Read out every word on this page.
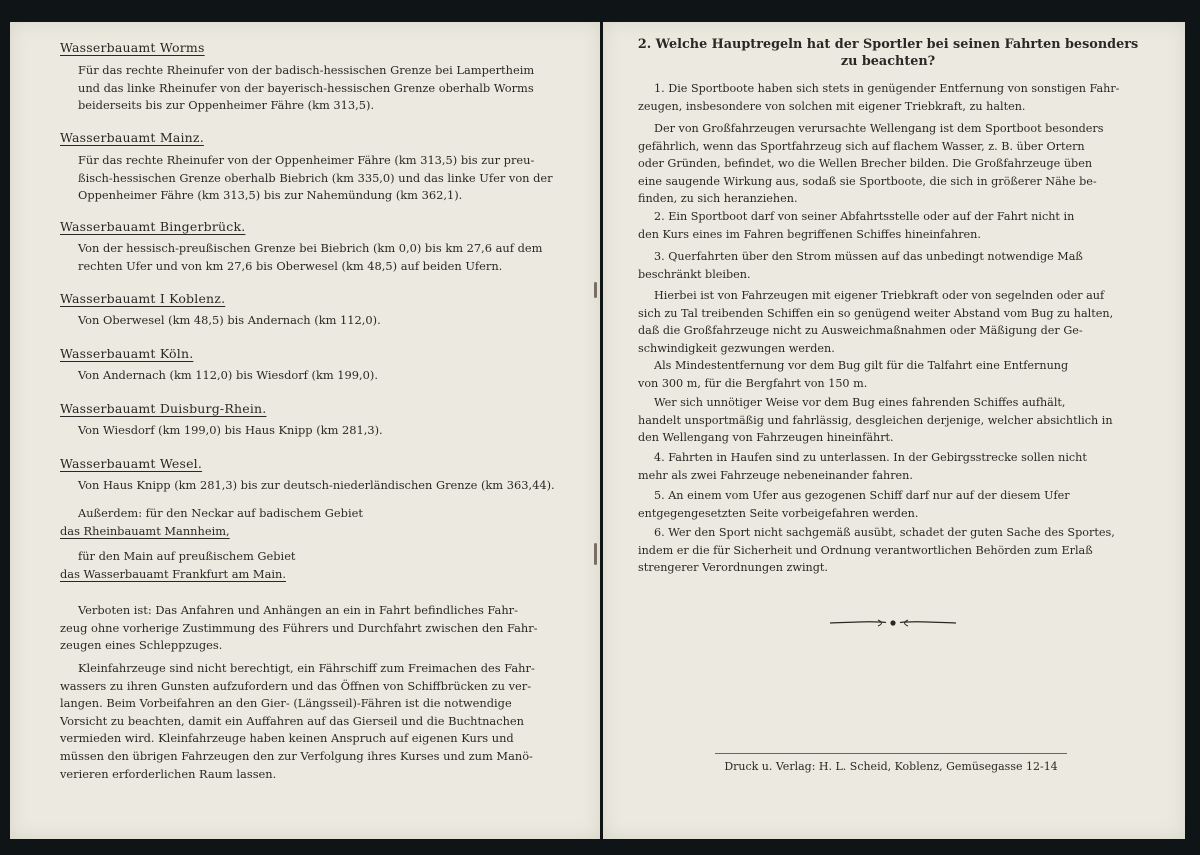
Wasserbauamt Worms
Für das rechte Rheinufer von der badisch-hessischen Grenze bei Lampertheim
und das linke Rheinufer von der bayerisch-hessischen Grenze oberhalb Worms
beiderseits bis zur Oppenheimer Fähre (km 313,5).
Wasserbauamt Mainz.
Für das rechte Rheinufer von der Oppenheimer Fähre (km 313,5) bis zur preu-
ßisch-hessischen Grenze oberhalb Biebrich (km 335,0) und das linke Ufer von der
Oppenheimer Fähre (km 313,5) bis zur Nahemündung (km 362,1).
Wasserbauamt Bingerbrück.
Von der hessisch-preußischen Grenze bei Biebrich (km 0,0) bis km 27,6 auf dem
rechten Ufer und von km 27,6 bis Oberwesel (km 48,5) auf beiden Ufern.
Wasserbauamt I Koblenz.
Von Oberwesel (km 48,5) bis Andernach (km 112,0).
Wasserbauamt Köln.
Von Andernach (km 112,0) bis Wiesdorf (km 199,0).
Wasserbauamt Duisburg-Rhein.
Von Wiesdorf (km 199,0) bis Haus Knipp (km 281,3).
Wasserbauamt Wesel.
Von Haus Knipp (km 281,3) bis zur deutsch-niederländischen Grenze (km 363,44).
Außerdem: für den Neckar auf badischem Gebiet
das Rheinbauamt Mannheim,
für den Main auf preußischem Gebiet
das Wasserbauamt Frankfurt am Main.
Verboten ist: Das Anfahren und Anhängen an ein in Fahrt befindliches Fahr-
zeug ohne vorherige Zustimmung des Führers und Durchfahrt zwischen den Fahr-
zeugen eines Schleppzuges.
Kleinfahrzeuge sind nicht berechtigt, ein Fährschiff zum Freimachen des Fahr-
wassers zu ihren Gunsten aufzufordern und das Öffnen von Schiffbrücken zu ver-
langen. Beim Vorbeifahren an den Gier- (Längsseil)-Fähren ist die notwendige
Vorsicht zu beachten, damit ein Auffahren auf das Gierseil und die Buchtnachen
vermieden wird. Kleinfahrzeuge haben keinen Anspruch auf eigenen Kurs und
müssen den übrigen Fahrzeugen den zur Verfolgung ihres Kurses und zum Manö-
verieren erforderlichen Raum lassen.
2. Welche Hauptregeln hat der Sportler bei seinen Fahrten besonders
zu beachten?
1. Die Sportboote haben sich stets in genügender Entfernung von sonstigen Fahr-
zeugen, insbesondere von solchen mit eigener Triebkraft, zu halten.
Der von Großfahrzeugen verursachte Wellengang ist dem Sportboot besonders
gefährlich, wenn das Sportfahrzeug sich auf flachem Wasser, z. B. über Ortern
oder Gründen, befindet, wo die Wellen Brecher bilden. Die Großfahrzeuge üben
eine saugende Wirkung aus, sodaß sie Sportboote, die sich in größerer Nähe be-
finden, zu sich heranziehen.
2. Ein Sportboot darf von seiner Abfahrtsstelle oder auf der Fahrt nicht in
den Kurs eines im Fahren begriffenen Schiffes hineinfahren.
3. Querfahrten über den Strom müssen auf das unbedingt notwendige Maß
beschränkt bleiben.
Hierbei ist von Fahrzeugen mit eigener Triebkraft oder von segelnden oder auf
sich zu Tal treibenden Schiffen ein so genügend weiter Abstand vom Bug zu halten,
daß die Großfahrzeuge nicht zu Ausweichmaßnahmen oder Mäßigung der Ge-
schwindigkeit gezwungen werden.
Als Mindestentfernung vor dem Bug gilt für die Talfahrt eine Entfernung
von 300 m, für die Bergfahrt von 150 m.
Wer sich unnötiger Weise vor dem Bug eines fahrenden Schiffes aufhält,
handelt unsportmäßig und fahrlässig, desgleichen derjenige, welcher absichtlich in
den Wellengang von Fahrzeugen hineinfährt.
4. Fahrten in Haufen sind zu unterlassen. In der Gebirgsstrecke sollen nicht
mehr als zwei Fahrzeuge nebeneinander fahren.
5. An einem vom Ufer aus gezogenen Schiff darf nur auf der diesem Ufer
entgegengesetzten Seite vorbeigefahren werden.
6. Wer den Sport nicht sachgemäß ausübt, schadet der guten Sache des Sportes,
indem er die für Sicherheit und Ordnung verantwortlichen Behörden zum Erlaß
strengerer Verordnungen zwingt.
Druck u. Verlag: H. L. Scheid, Koblenz, Gemüsegasse 12-14
